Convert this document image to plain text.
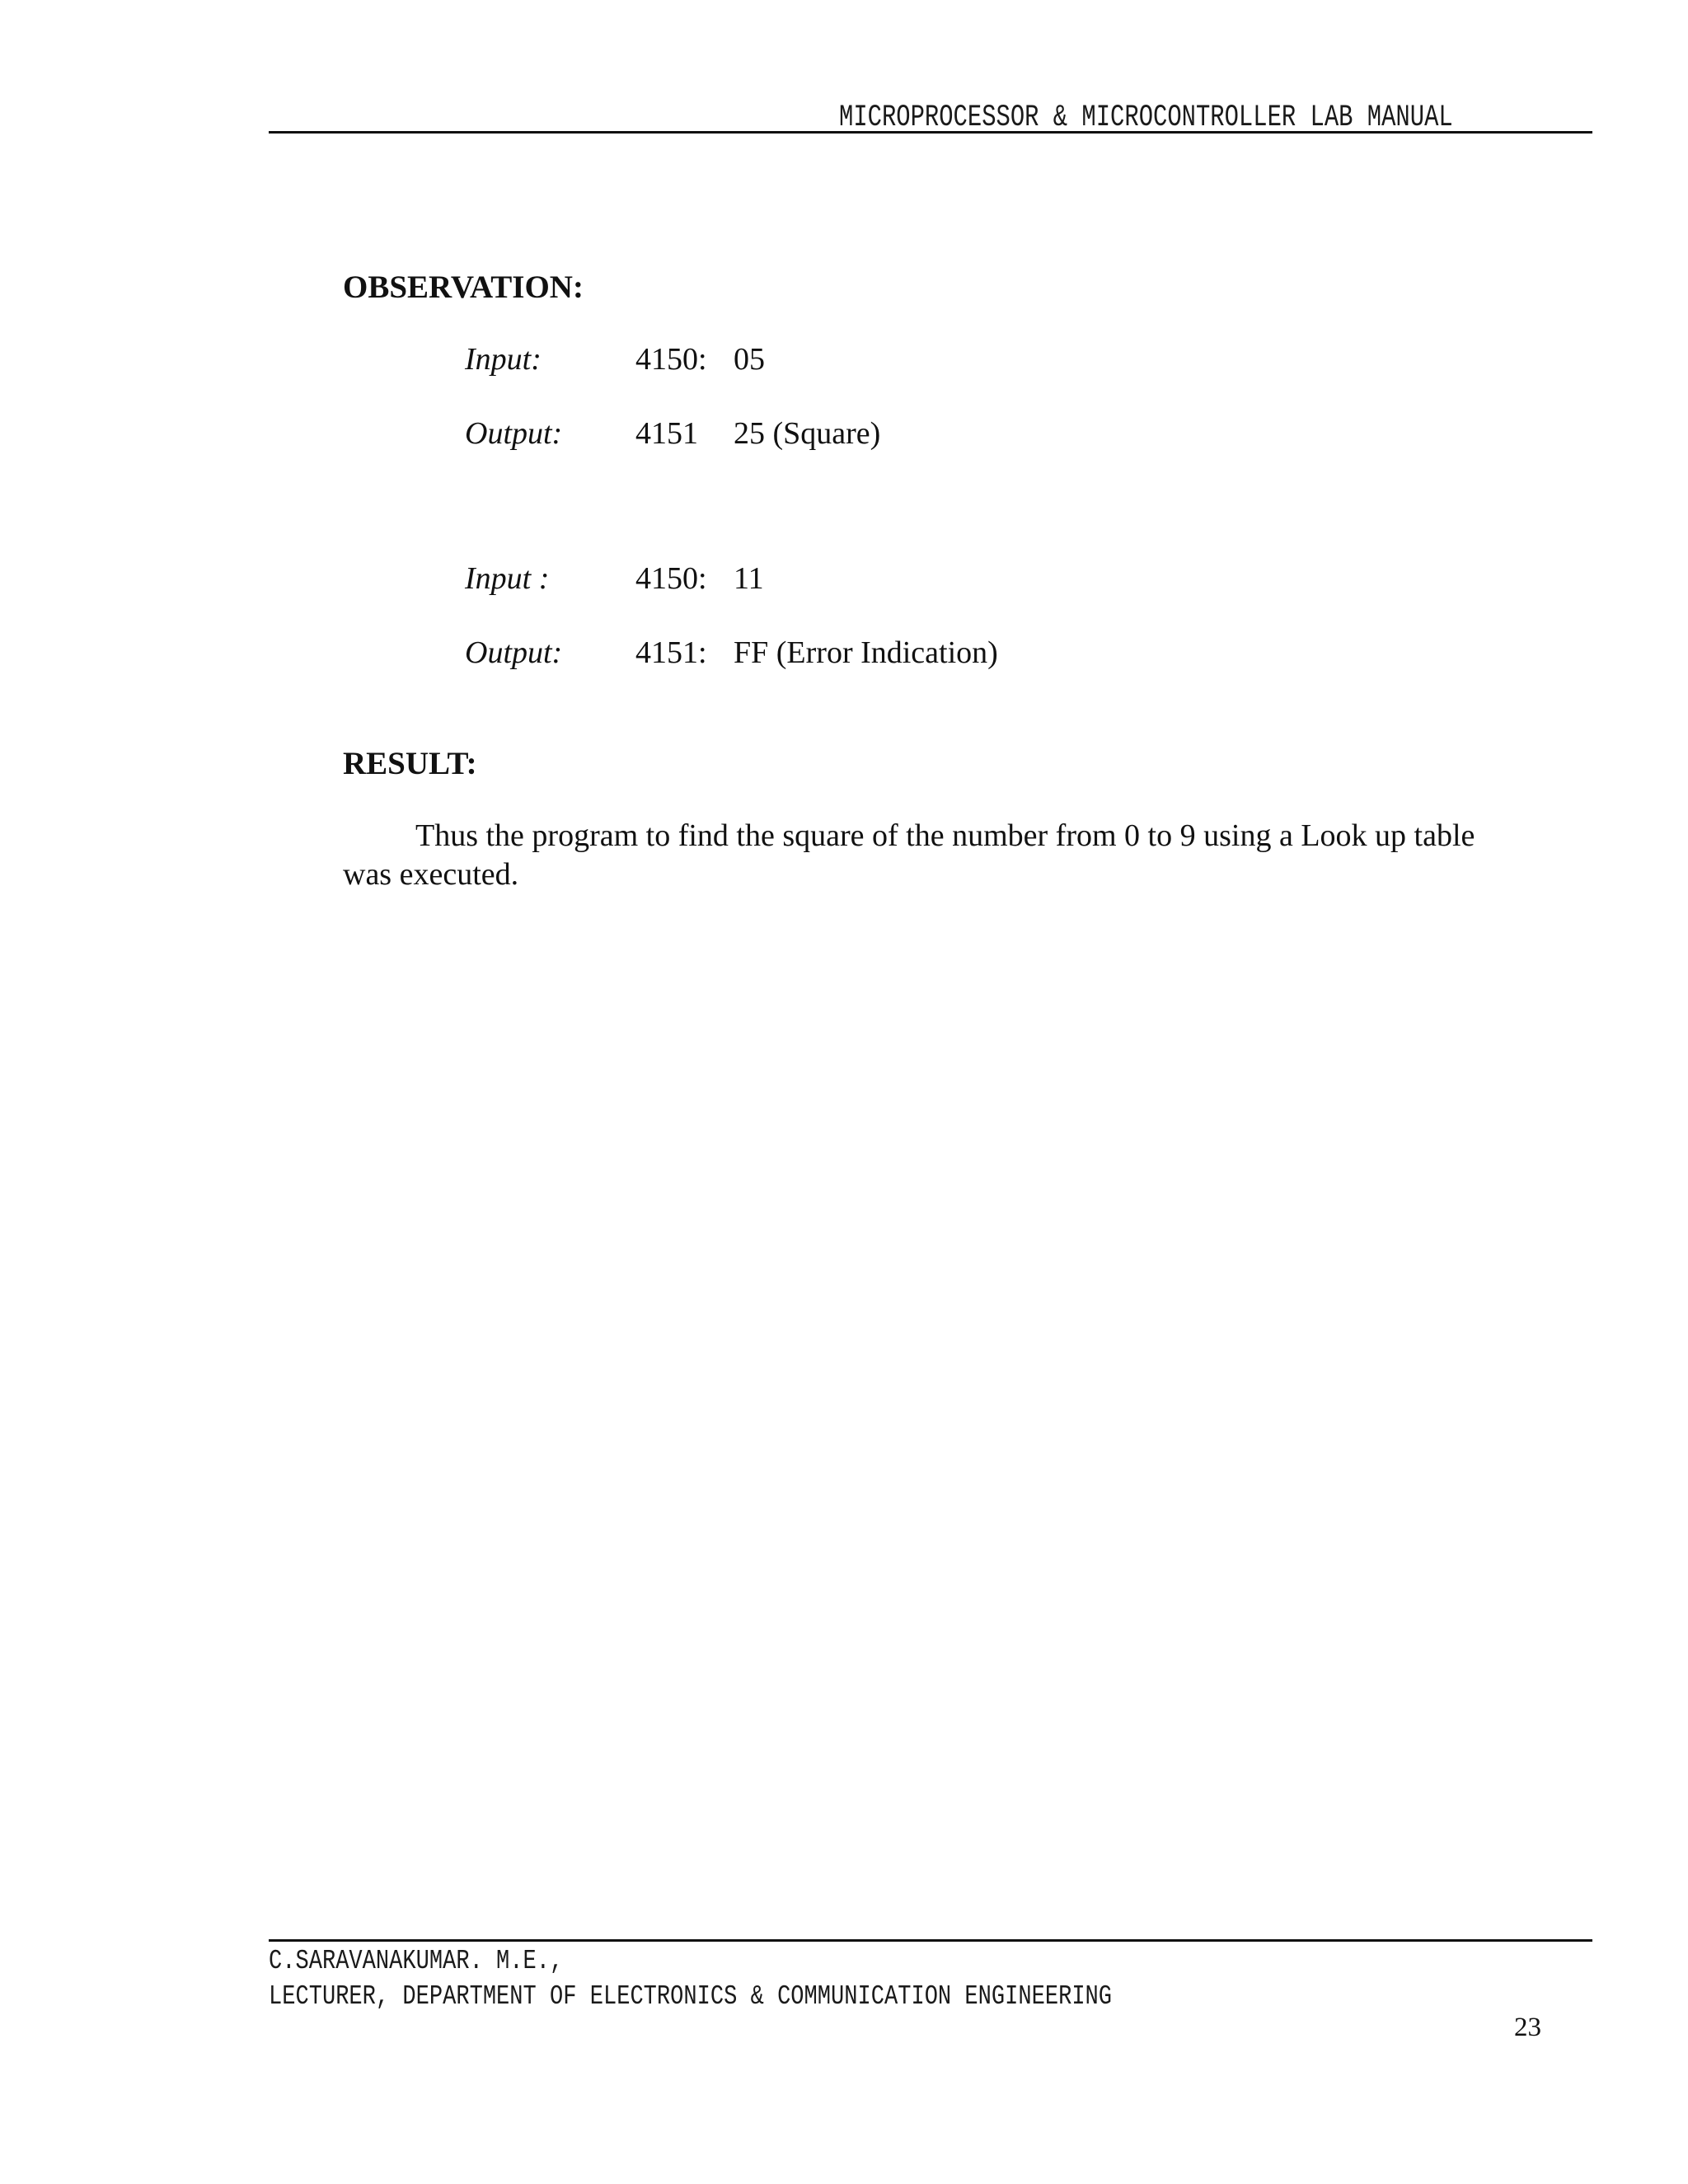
MICROPROCESSOR & MICROCONTROLLER LAB MANUAL
OBSERVATION:
Input:	4150: 05
Output: 4151 25 (Square)
Input :	4150: 11
Output: 4151: FF (Error Indication)
RESULT:

Thus the program to find the square of the number from 0 to 9 using a Look up table was executed.

C.SARAVANAKUMAR. M.E.,
LECTURER, DEPARTMENT OF ELECTRONICS & COMMUNICATION ENGINEERING
23
